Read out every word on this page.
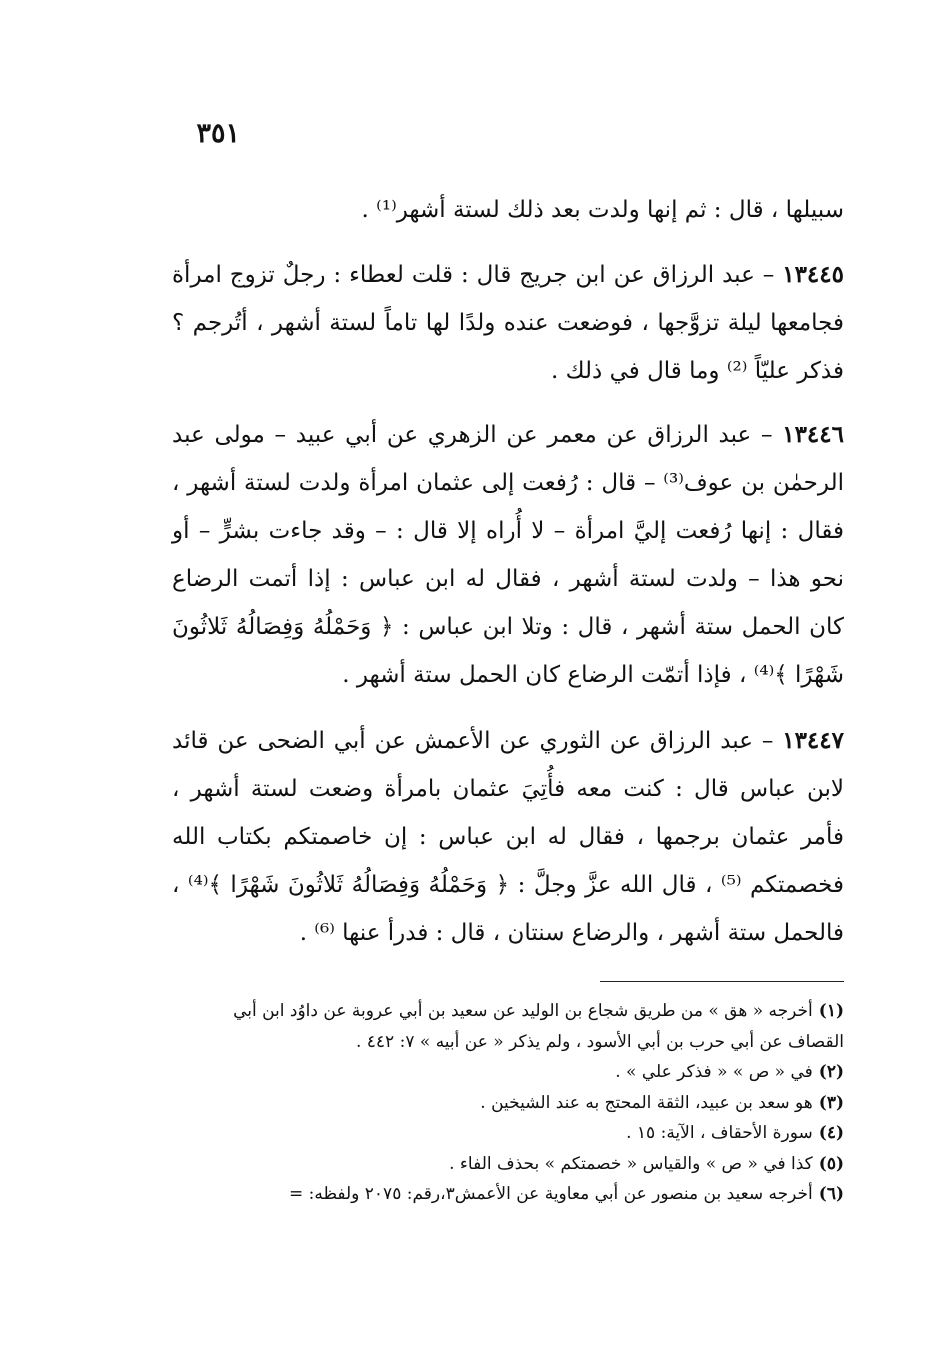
٣٥١

سبيلها ، قال : ثم إنها ولدت بعد ذلك لستة أشهر⁽¹⁾ .

١٣٤٤٥ – عبد الرزاق عن ابن جريج قال : قلت لعطاء : رجلٌ تزوج امرأة فجامعها ليلة تزوَّجها ، فوضعت عنده ولدًا لها تاماً لستة أشهر ، أتُرجم ؟ فذكر عليّاً ⁽²⁾ وما قال في ذلك .

١٣٤٤٦ – عبد الرزاق عن معمر عن الزهري عن أبي عبيد – مولى عبد الرحمٰن بن عوف⁽³⁾ – قال : رُفعت إلى عثمان امرأة ولدت لستة أشهر ، فقال : إنها رُفعت إليَّ امرأة – لا أُراه إلا قال : – وقد جاءت بشرٍّ – أو نحو هذا – ولدت لستة أشهر ، فقال له ابن عباس : إذا أتمت الرضاع كان الحمل ستة أشهر ، قال : وتلا ابن عباس : ﴿ وَحَمْلُهُ وَفِصَالُهُ ثَلاثُونَ شَهْرًا ﴾⁽⁴⁾ ، فإذا أتمّت الرضاع كان الحمل ستة أشهر .

١٣٤٤٧ – عبد الرزاق عن الثوري عن الأعمش عن أبي الضحى عن قائد لابن عباس قال : كنت معه فأُتِيَ عثمان بامرأة وضعت لستة أشهر ، فأمر عثمان برجمها ، فقال له ابن عباس : إن خاصمتكم بكتاب الله فخصمتكم ⁽⁵⁾ ، قال الله عزَّ وجلَّ : ﴿ وَحَمْلُهُ وَفِصَالُهُ ثَلاثُونَ شَهْرًا ﴾⁽⁴⁾ ، فالحمل ستة أشهر ، والرضاع سنتان ، قال : فدرأ عنها ⁽⁶⁾ .

(١)أخرجه « هق » من طريق شجاع بن الوليد عن سعيد بن أبي عروبة عن داوُد ابن أبي القصاف عن أبي حرب بن أبي الأسود ، ولم يذكر « عن أبيه » ٧: ٤٤٢ .

(٢)في « ص » « فذكر علي » .

(٣)هو سعد بن عبيد، الثقة المحتج به عند الشيخين .

(٤)سورة الأحقاف ، الآية: ١٥ .

(٥)كذا في « ص » والقياس « خصمتكم » بحذف الفاء .

(٦)أخرجه سعيد بن منصور عن أبي معاوية عن الأعمش٣،رقم: ٢٠٧٥ ولفظه: =
